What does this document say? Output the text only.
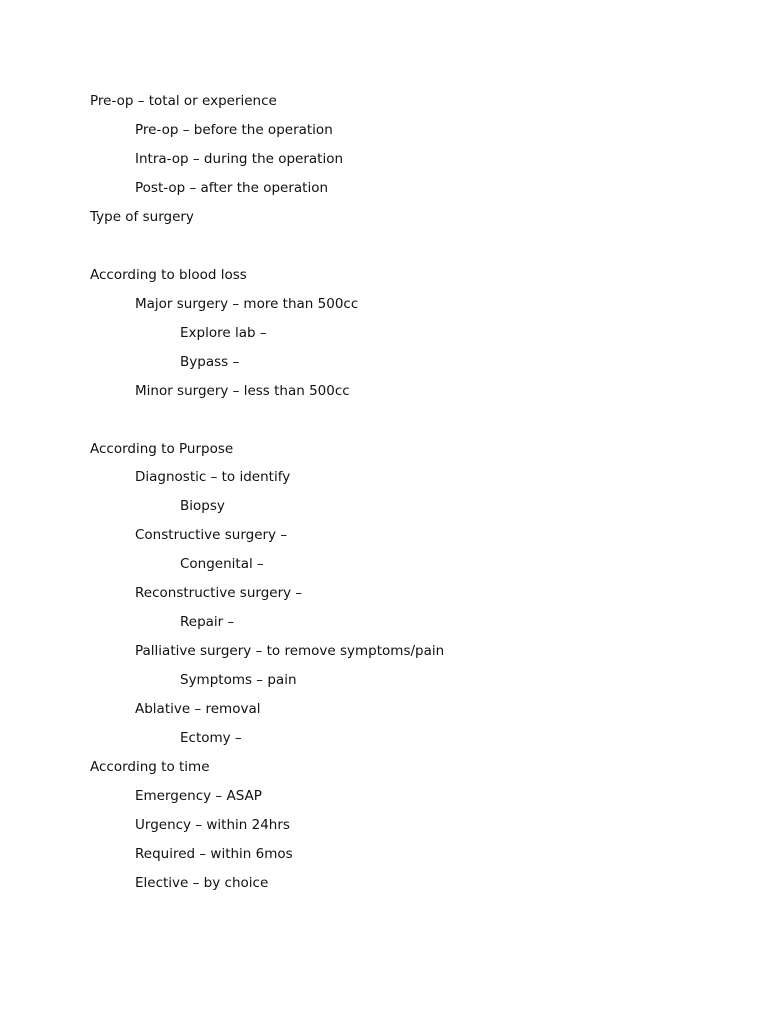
Pre-op – total or experience
Pre-op – before the operation
Intra-op – during the operation
Post-op – after the operation
Type of surgery
According to blood loss
Major surgery – more than 500cc
Explore lab –
Bypass –
Minor surgery – less than 500cc
According to Purpose
Diagnostic – to identify
Biopsy
Constructive surgery –
Congenital –
Reconstructive surgery –
Repair –
Palliative surgery – to remove symptoms/pain
Symptoms – pain
Ablative – removal
Ectomy –
According to time
Emergency – ASAP
Urgency – within 24hrs
Required – within 6mos
Elective – by choice
